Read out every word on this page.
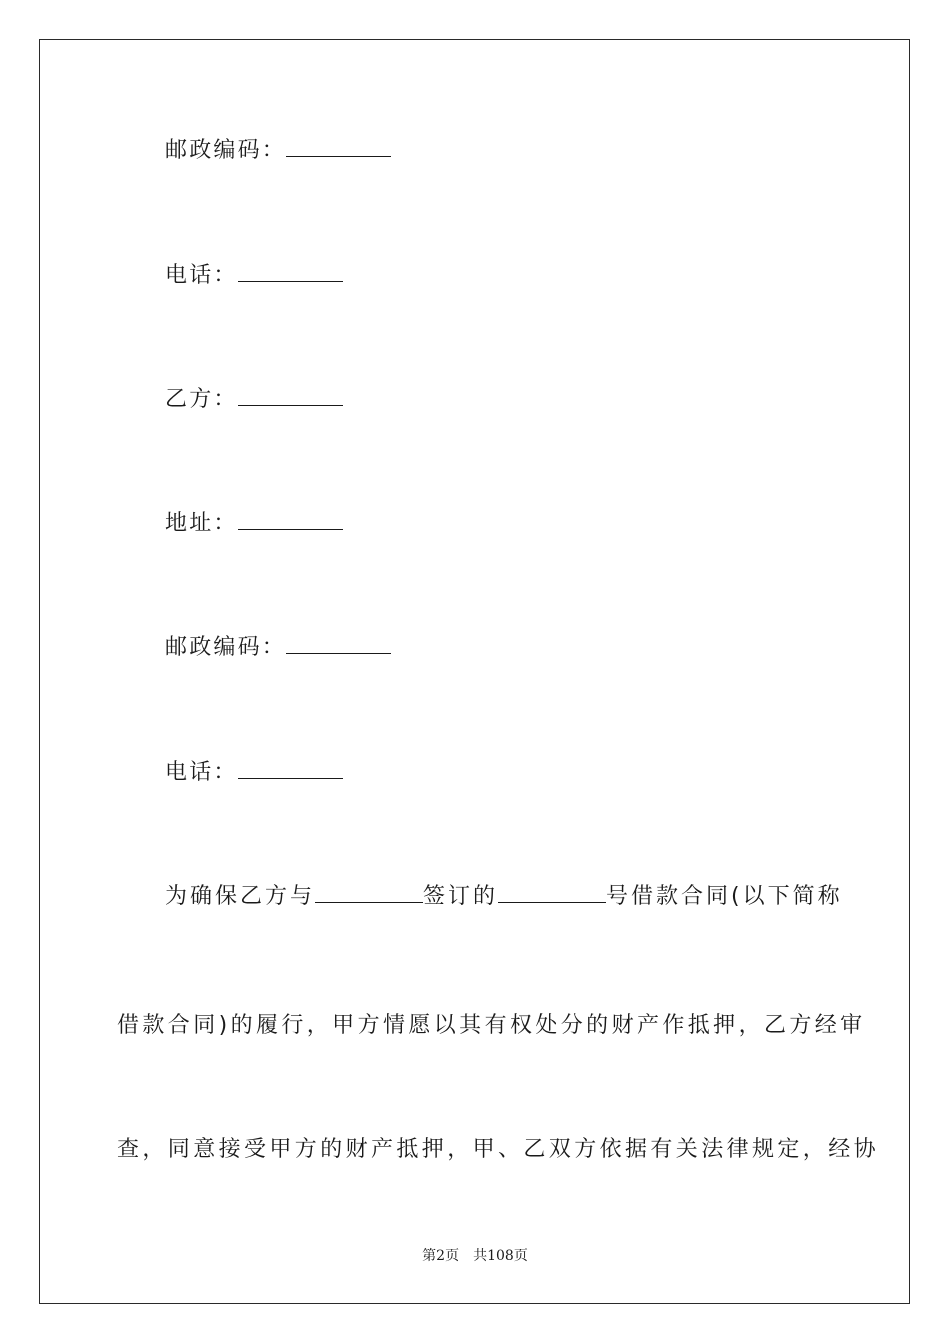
邮政编码：

电话：

乙方：

地址：

邮政编码：

电话：

为确保乙方与	签订的	号借款合同(以下简称

借款合同)的履行，甲方情愿以其有权处分的财产作抵押，乙方经审

查，同意接受甲方的财产抵押，甲、乙双方依据有关法律规定，经协

第2页 共108页
